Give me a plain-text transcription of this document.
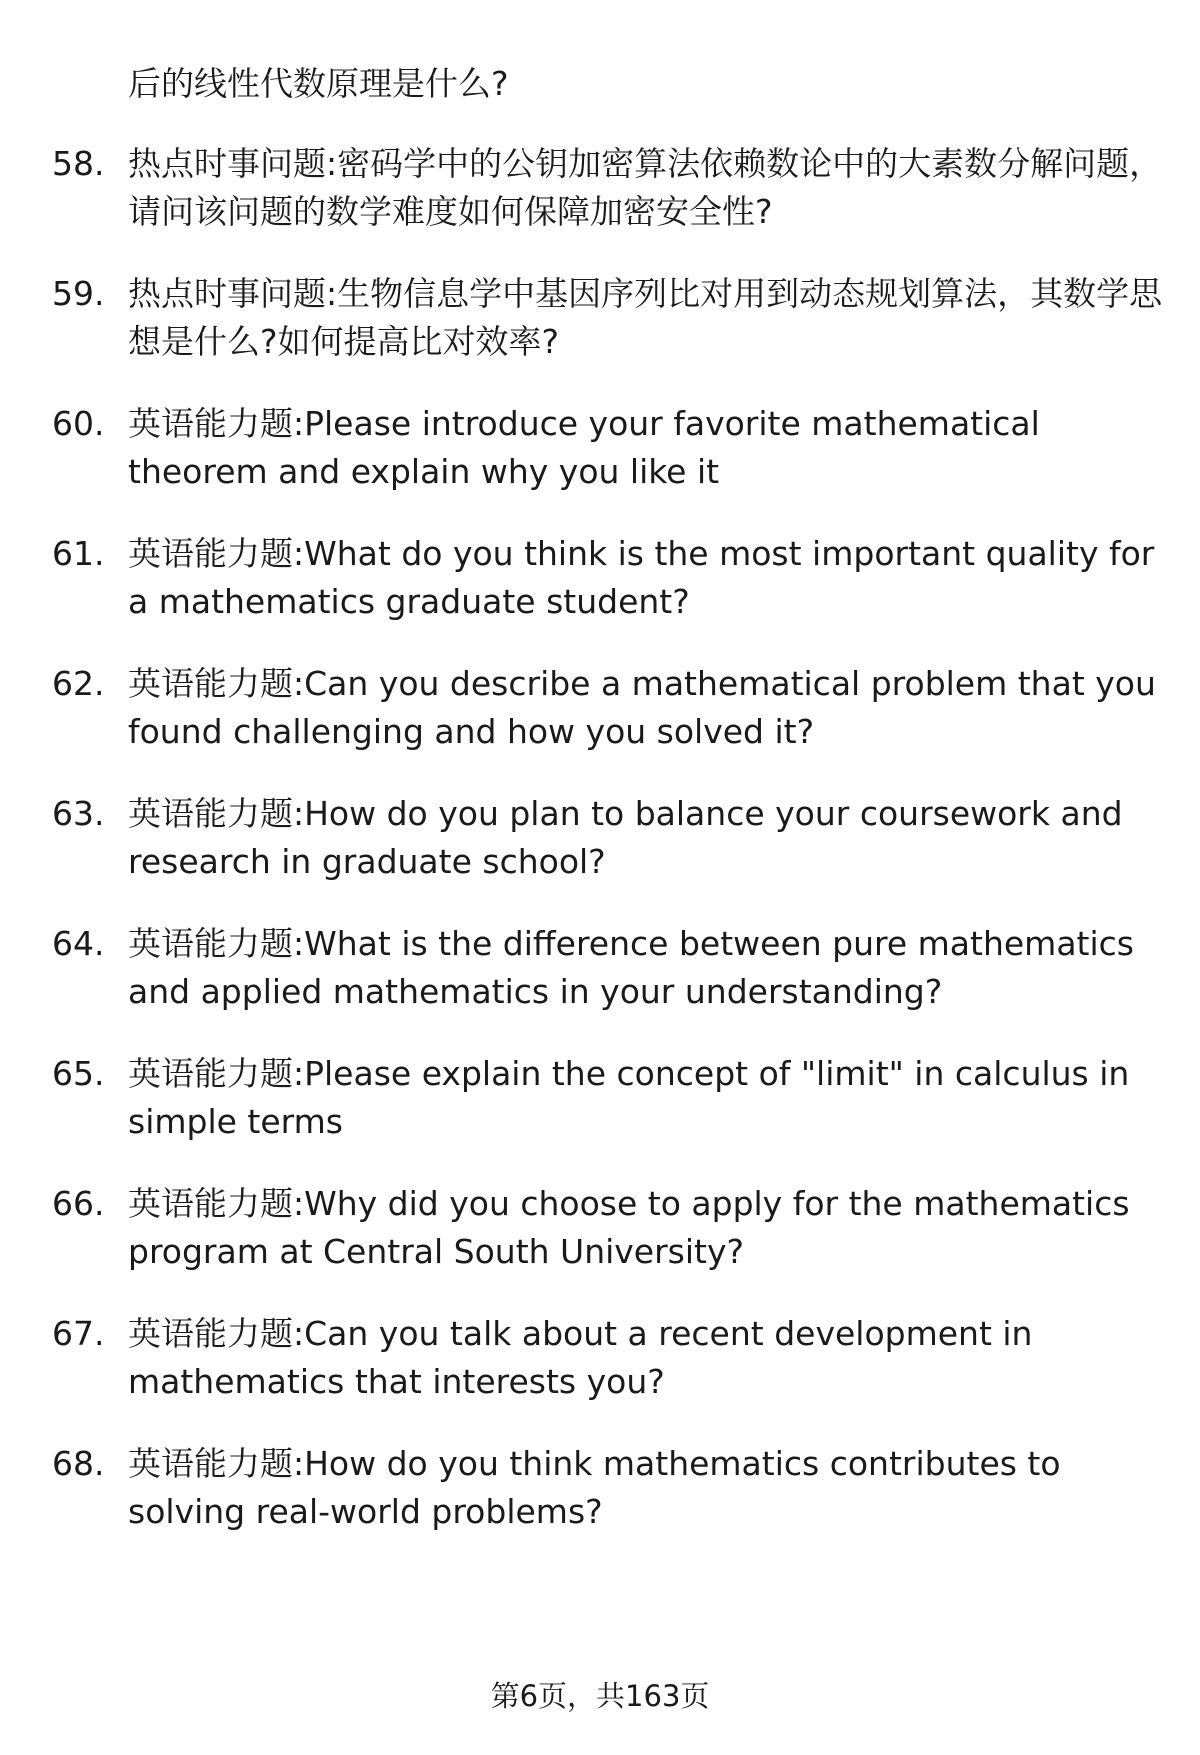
后的线性代数原理是什么?
58. 热点时事问题:密码学中的公钥加密算法依赖数论中的大素数分解问题，请问该问题的数学难度如何保障加密安全性?
59. 热点时事问题:生物信息学中基因序列比对用到动态规划算法，其数学思想是什么?如何提高比对效率?
60. 英语能力题:Please introduce your favorite mathematical theorem and explain why you like it
61. 英语能力题:What do you think is the most important quality for a mathematics graduate student?
62. 英语能力题:Can you describe a mathematical problem that you found challenging and how you solved it?
63. 英语能力题:How do you plan to balance your coursework and research in graduate school?
64. 英语能力题:What is the difference between pure mathematics and applied mathematics in your understanding?
65. 英语能力题:Please explain the concept of "limit" in calculus in simple terms
66. 英语能力题:Why did you choose to apply for the mathematics program at Central South University?
67. 英语能力题:Can you talk about a recent development in mathematics that interests you?
68. 英语能力题:How do you think mathematics contributes to solving real-world problems?
第6页，共163页
